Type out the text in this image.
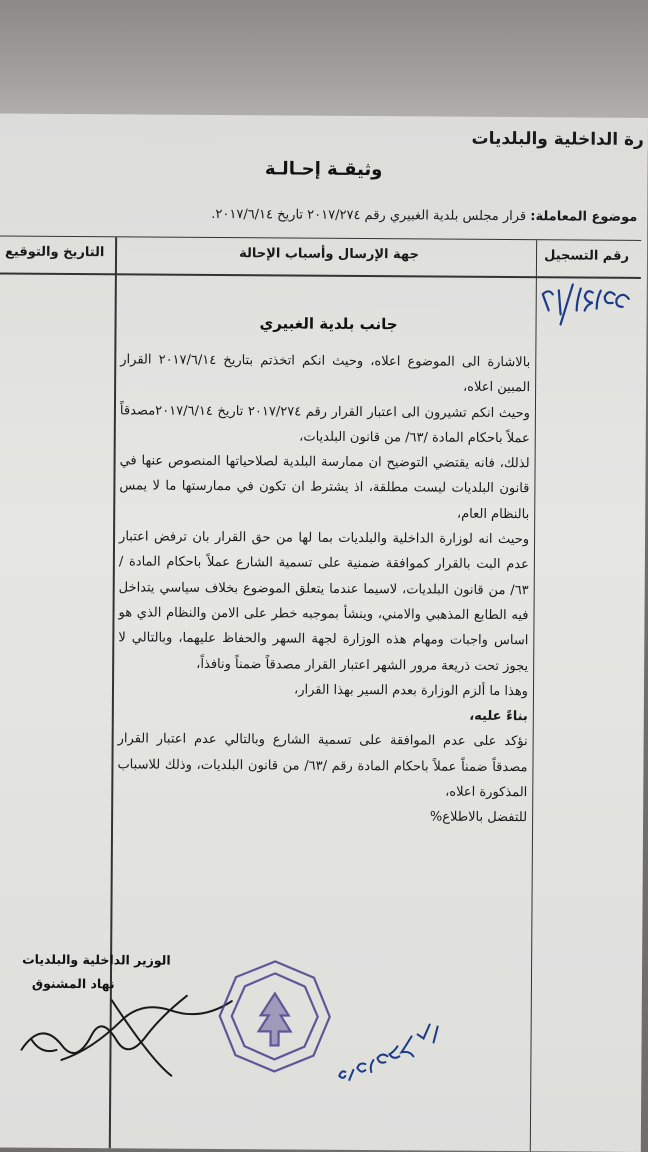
رة الداخلية والبلديات
وثيقـة إحـالـة
موضوع المعاملة: قرار مجلس بلدية الغبيري رقم ٢٠١٧/٢٧٤ تاريخ ٢٠١٧/٦/١٤.
رقم التسجيل
جهة الإرسال وأسباب الإحالة
التاريخ والتوقيع
جانب بلدية الغبيري

بالاشارة الى الموضوع اعلاه، وحيث انكم اتخذتم بتاريخ ٢٠١٧/٦/١٤ القرار المبين اعلاه،

وحيث انكم تشيرون الى اعتبار القرار رقم ٢٠١٧/٢٧٤ تاريخ ٢٠١٧/٦/١٤مصدقاً عملاً باحكام المادة /٦٣/ من قانون البلديات،

لذلك، فانه يقتضي التوضيح ان ممارسة البلدية لصلاحياتها المنصوص عنها في قانون البلديات ليست مطلقة، اذ يشترط ان تكون في ممارستها ما لا يمس بالنظام العام،

وحيث انه لوزارة الداخلية والبلديات بما لها من حق القرار بان ترفض اعتبار عدم البت بالقرار كموافقة ضمنية على تسمية الشارع عملاً باحكام المادة /٦٣/ من قانون البلديات، لاسيما عندما يتعلق الموضوع بخلاف سياسي يتداخل فيه الطابع المذهبي والامني، وينشأ بموجبه خطر على الامن والنظام الذي هو اساس واجبات ومهام هذه الوزارة لجهة السهر والحفاظ عليهما، وبالتالي لا يجوز تحت ذريعة مرور الشهر اعتبار القرار مصدقاً ضمناً ونافذاً،

وهذا ما ألزم الوزارة بعدم السير بهذا القرار،

بناءً عليه،

نؤكد على عدم الموافقة على تسمية الشارع وبالتالي عدم اعتبار القرار مصدقاً ضمناً عملاً باحكام المادة رقم /٦٣/ من قانون البلديات، وذلك للاسباب المذكورة اعلاه،

للتفضل بالاطلاع%

الوزير الداخلية والبلديات
نهاد المشنوق
